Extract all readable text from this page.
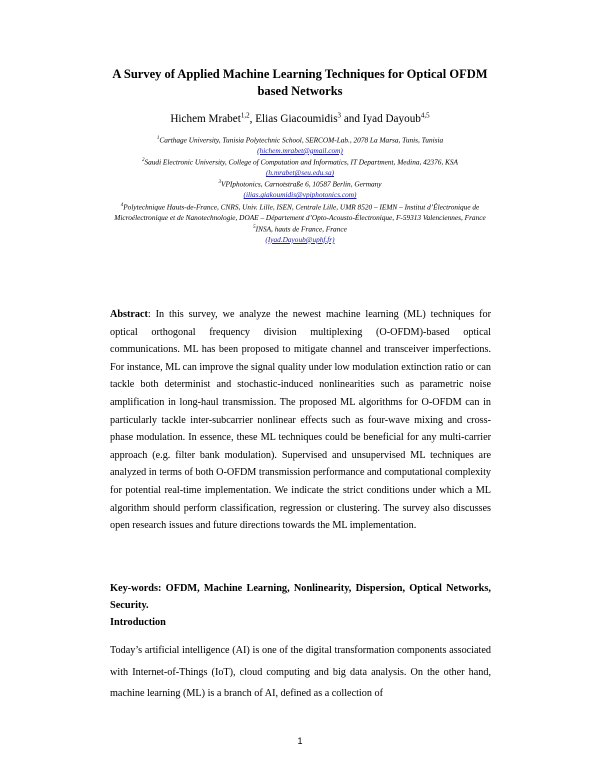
A Survey of Applied Machine Learning Techniques for Optical OFDM based Networks
Hichem Mrabet$^{1,2}$, Elias Giacoumidis$^3$ and Iyad Dayoub$^{4,5}$
$^1$Carthage University, Tunisia Polytechnic School, SERCOM-Lab., 2078 La Marsa, Tunis, Tunisia
(hichem.mrabet@gmail.com)
$^2$Saudi Electronic University, College of Computation and Informatics, IT Department, Medina, 42376, KSA
(h.mrabet@seu.edu.sa)
$^3$VPIphotonics, Carnotstraße 6, 10587 Berlin, Germany
(ilias.giakoumidis@vpiphotonics.com)
$^4$Polytechnique Hauts-de-France, CNRS, Univ. Lille, ISEN, Centrale Lille, UMR 8520 – IEMN – Institut d’Électronique de Microélectronique et de Nanotechnologie, DOAE – Département d’Opto-Acousto-Électronique, F-59313 Valenciennes, France
$^5$INSA, hauts de France, France
(Iyad.Dayoub@uphf.fr)
Abstract: In this survey, we analyze the newest machine learning (ML) techniques for optical orthogonal frequency division multiplexing (O-OFDM)-based optical communications. ML has been proposed to mitigate channel and transceiver imperfections. For instance, ML can improve the signal quality under low modulation extinction ratio or can tackle both determinist and stochastic-induced nonlinearities such as parametric noise amplification in long-haul transmission. The proposed ML algorithms for O-OFDM can in particularly tackle inter-subcarrier nonlinear effects such as four-wave mixing and cross-phase modulation. In essence, these ML techniques could be beneficial for any multi-carrier approach (e.g. filter bank modulation). Supervised and unsupervised ML techniques are analyzed in terms of both O-OFDM transmission performance and computational complexity for potential real-time implementation. We indicate the strict conditions under which a ML algorithm should perform classification, regression or clustering. The survey also discusses open research issues and future directions towards the ML implementation.
Key-words: OFDM, Machine Learning, Nonlinearity, Dispersion, Optical Networks, Security.
Introduction
Today’s artificial intelligence (AI) is one of the digital transformation components associated with Internet-of-Things (IoT), cloud computing and big data analysis. On the other hand, machine learning (ML) is a branch of AI, defined as a collection of
1
